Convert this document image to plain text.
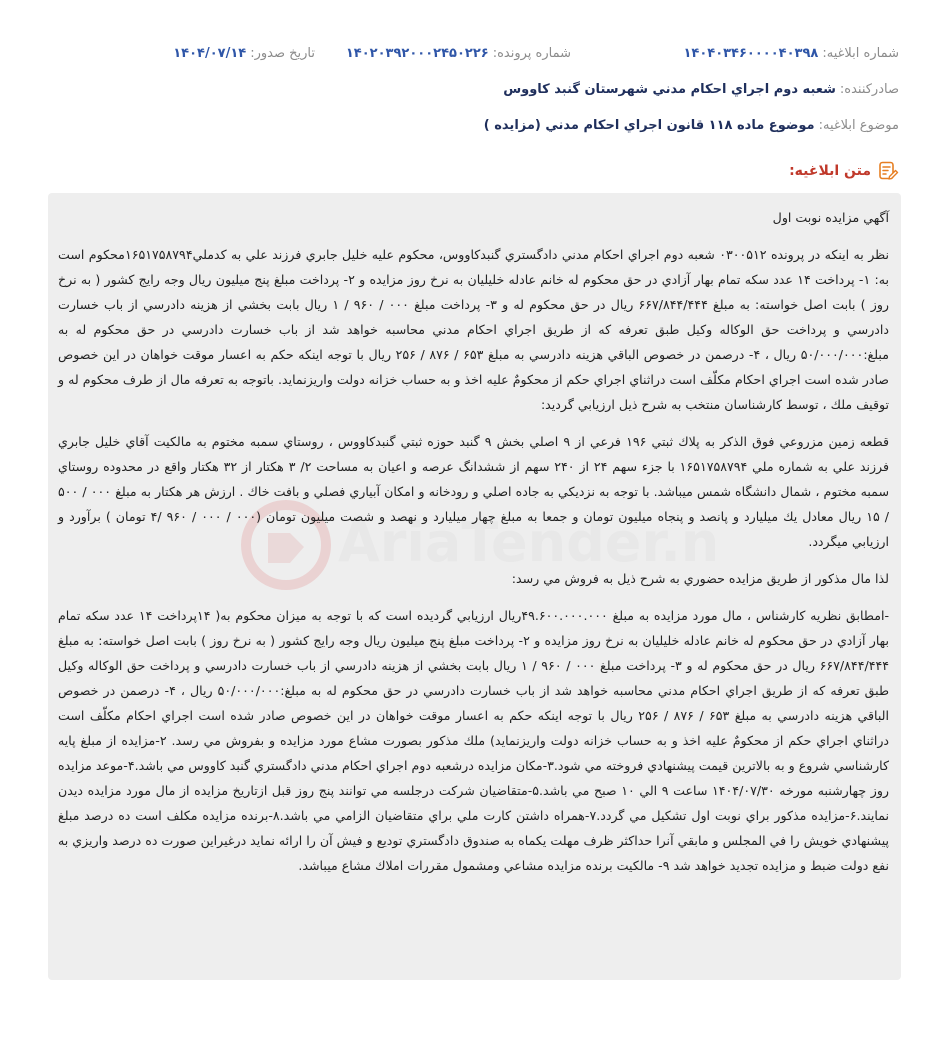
شماره ابلاغیه:
۱۴۰۴۰۳۴۶۰۰۰۰۴۰۳۹۸
شماره پرونده:
۱۴۰۲۰۳۹۲۰۰۰۲۴۵۰۲۲۶
تاریخ صدور:
۱۴۰۴/۰۷/۱۴
صادرکننده:
شعبه دوم اجراي احكام مدني شهرستان گنبد كاووس
موضوع ابلاغیه:
موضوع ماده ۱۱۸ قانون اجراي احكام مدني (مزايده )
متن ابلاغیه:
AriaTender.n

آگهي مزايده نوبت اول

نظر به اينكه در پرونده ۰۳۰۰۵۱۲ شعبه دوم اجراي احكام مدني دادگستري گنبدكاووس، محكوم عليه خليل جابري فرزند علي به كدملي۱۶۵۱۷۵۸۷۹۴محكوم است به: ۱- پرداخت ۱۴ عدد سكه تمام بهار آزادي در حق محكوم له خانم عادله خليليان به نرخ روز مزايده و ۲- پرداخت مبلغ پنج ميليون ريال وجه رايج كشور ( به نرخ روز ) بابت اصل خواسته: به مبلغ ۶۶۷/۸۴۴/۴۴۴ ريال در حق محكوم له و ۳- پرداخت مبلغ ۰۰۰ / ۹۶۰ / ۱ ريال بابت بخشي از هزينه دادرسي از باب خسارت دادرسي و پرداخت حق الوكاله وكيل طبق تعرفه كه از طريق اجراي احكام مدني محاسبه خواهد شد از باب خسارت دادرسي در حق محكوم له به مبلغ:۵۰/۰۰۰/۰۰۰ ريال ، ۴- درصمن در خصوص الباقي هزينه دادرسي به مبلغ ۶۵۳ / ۸۷۶ / ۲۵۶ ريال با توجه اينكه حكم به اعسار موقت خواهان در اين خصوص صادر شده است اجراي احكام مكلّف است دراثناي اجراي حكم از محكومٌ عليه اخذ و به حساب خزانه دولت واريزنمايد. باتوجه به تعرفه مال از طرف محكوم له و توقيف ملك ، توسط كارشناسان منتخب به شرح ذيل ارزيابي گرديد:

قطعه زمين مزروعي فوق الذكر به پلاك ثبتي ۱۹۶ فرعي از ۹ اصلي بخش ۹ گنبد حوزه ثبتي گنبدكاووس ، روستاي سمبه مختوم به مالكيت آقاي خليل جابري فرزند علي به شماره ملي ۱۶۵۱۷۵۸۷۹۴ با جزء سهم ۲۴ از ۲۴۰ سهم از ششدانگ عرصه و اعيان به مساحت ۲/ ۳ هكتار از ۳۲ هكتار واقع در محدوده روستاي سمبه مختوم ، شمال دانشگاه شمس ميباشد. با توجه به نزديكي به جاده اصلي و رودخانه و امكان آبياري فصلي و بافت خاك . ارزش هر هكتار به مبلغ ۰۰۰ / ۵۰۰ / ۱۵ ريال معادل يك ميليارد و پانصد و پنجاه ميليون تومان و جمعا به مبلغ چهار ميليارد و نهصد و شصت ميليون تومان (۰۰۰ / ۰۰۰ / ۹۶۰ /۴ تومان ) برآورد و ارزيابي ميگردد.

لذا مال مذكور از طريق مزايده حضوري به شرح ذيل به فروش مي رسد:

-امطابق نظريه كارشناس ، مال مورد مزايده به مبلغ ۴۹.۶۰۰.۰۰۰.۰۰۰ريال ارزيابي گرديده است كه با توجه به ميزان محكوم به( ۱۴پرداخت ۱۴ عدد سكه تمام بهار آزادي در حق محكوم له خانم عادله خليليان به نرخ روز مزايده و ۲- پرداخت مبلغ پنج ميليون ريال وجه رايج كشور ( به نرخ روز ) بابت اصل خواسته: به مبلغ ۶۶۷/۸۴۴/۴۴۴ ريال در حق محكوم له و ۳- پرداخت مبلغ ۰۰۰ / ۹۶۰ / ۱ ريال بابت بخشي از هزينه دادرسي از باب خسارت دادرسي و پرداخت حق الوكاله وكيل طبق تعرفه كه از طريق اجراي احكام مدني محاسبه خواهد شد از باب خسارت دادرسي در حق محكوم له به مبلغ:۵۰/۰۰۰/۰۰۰ ريال ، ۴- درصمن در خصوص الباقي هزينه دادرسي به مبلغ ۶۵۳ / ۸۷۶ / ۲۵۶ ريال با توجه اينكه حكم به اعسار موقت خواهان در اين خصوص صادر شده است اجراي احكام مكلّف است دراثناي اجراي حكم از محكومٌ عليه اخذ و به حساب خزانه دولت واريزنمايد) ملك مذكور بصورت مشاع مورد مزايده و بفروش مي رسد. ۲-مزايده از مبلغ پايه كارشناسي شروع و به بالاترين قيمت پيشنهادي فروخته مي شود.۳-مكان مزايده درشعبه دوم اجراي احكام مدني دادگستري گنبد كاووس مي باشد.۴-موعد مزايده روز چهارشنبه مورخه ۱۴۰۴/۰۷/۳۰ ساعت ۹ الي ۱۰ صبح مي باشد.۵-متقاضيان شركت درجلسه مي توانند پنج روز قبل ازتاريخ مزايده از مال مورد مزايده ديدن نمايند.۶-مزايده مذكور براي نوبت اول تشكيل مي گردد.۷-همراه داشتن كارت ملي براي متقاضيان الزامي مي باشد.۸-برنده مزايده مكلف است ده درصد مبلغ پيشنهادي خويش را في المجلس و مابقي آنرا حداكثر ظرف مهلت يكماه به صندوق دادگستري توديع و فيش آن را ارائه نمايد درغيراين صورت ده درصد واريزي به نفع دولت ضبط و مزايده تجديد خواهد شد ۹- مالكيت برنده مزايده مشاعي ومشمول مقررات املاك مشاع ميباشد.
